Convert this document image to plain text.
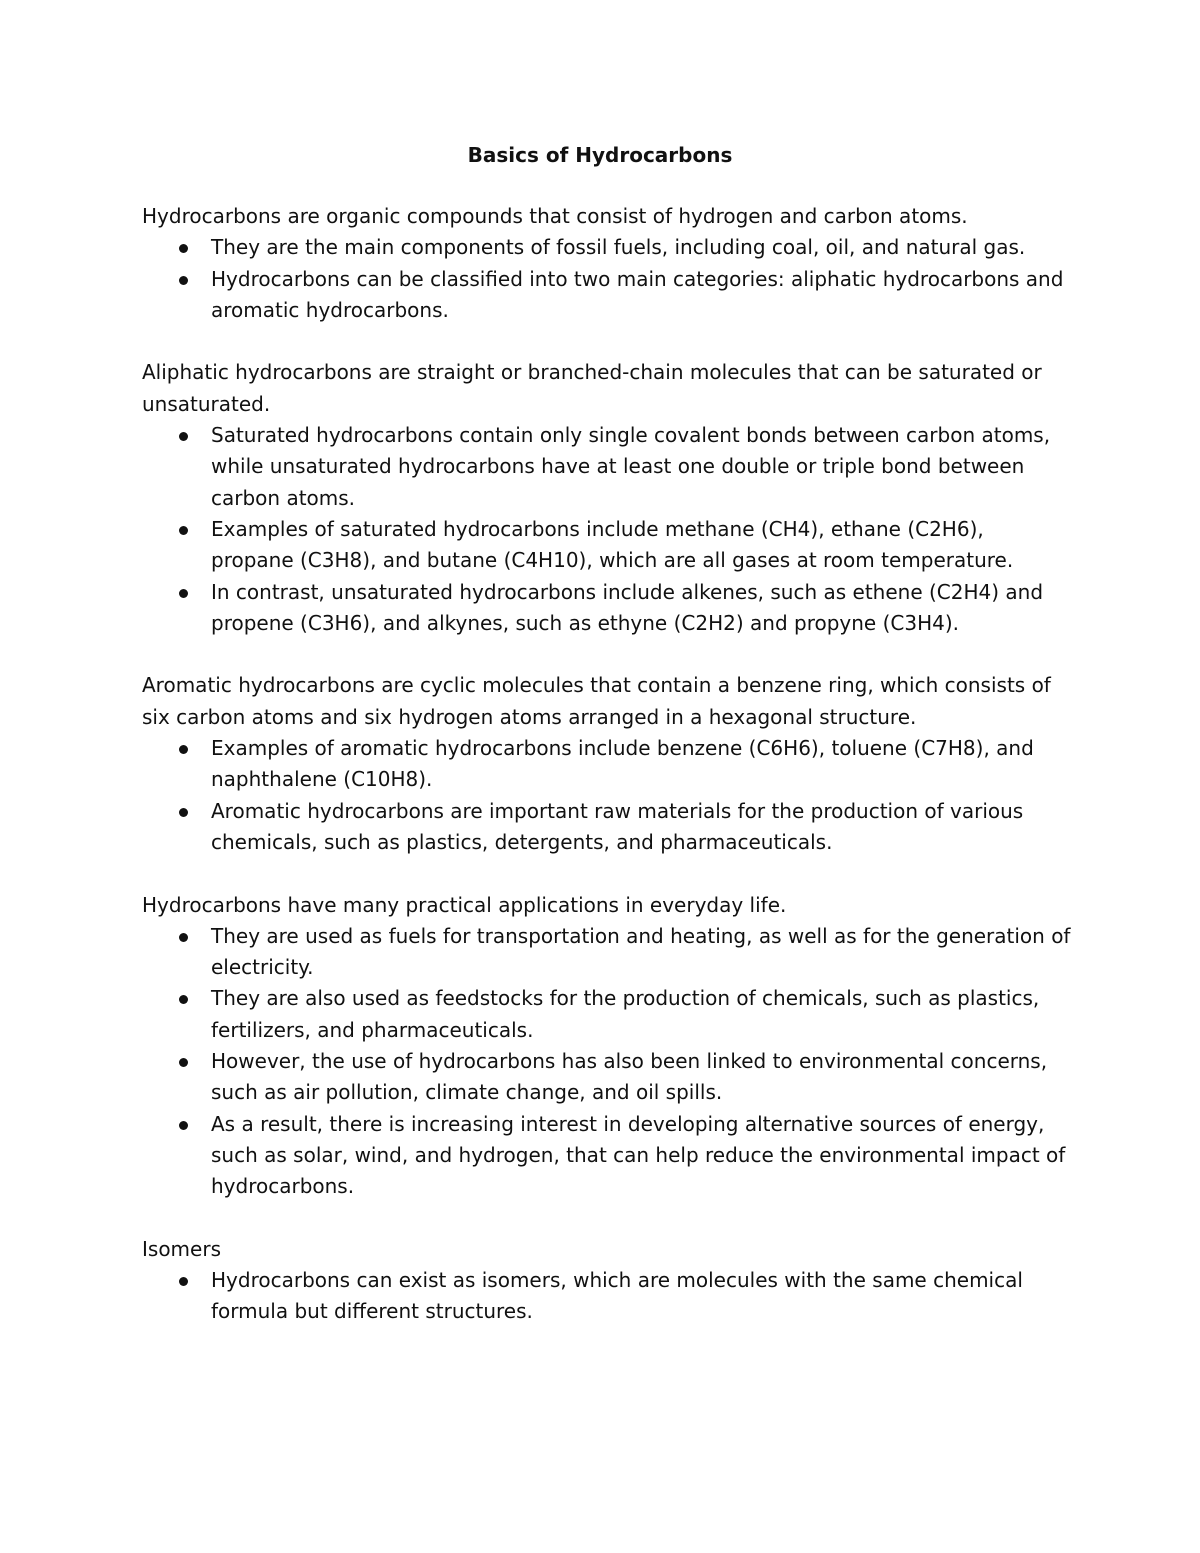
Basics of Hydrocarbons

Hydrocarbons are organic compounds that consist of hydrogen and carbon atoms.

They are the main components of fossil fuels, including coal, oil, and natural gas.
Hydrocarbons can be classified into two main categories: aliphatic hydrocarbons and aromatic hydrocarbons.

Aliphatic hydrocarbons are straight or branched-chain molecules that can be saturated or unsaturated.

Saturated hydrocarbons contain only single covalent bonds between carbon atoms, while unsaturated hydrocarbons have at least one double or triple bond between carbon atoms.
Examples of saturated hydrocarbons include methane (CH4), ethane (C2H6), propane (C3H8), and butane (C4H10), which are all gases at room temperature.
In contrast, unsaturated hydrocarbons include alkenes, such as ethene (C2H4) and propene (C3H6), and alkynes, such as ethyne (C2H2) and propyne (C3H4).

Aromatic hydrocarbons are cyclic molecules that contain a benzene ring, which consists of six carbon atoms and six hydrogen atoms arranged in a hexagonal structure.

Examples of aromatic hydrocarbons include benzene (C6H6), toluene (C7H8), and naphthalene (C10H8).
Aromatic hydrocarbons are important raw materials for the production of various chemicals, such as plastics, detergents, and pharmaceuticals.

Hydrocarbons have many practical applications in everyday life.

They are used as fuels for transportation and heating, as well as for the generation of electricity.
They are also used as feedstocks for the production of chemicals, such as plastics, fertilizers, and pharmaceuticals.
However, the use of hydrocarbons has also been linked to environmental concerns, such as air pollution, climate change, and oil spills.
As a result, there is increasing interest in developing alternative sources of energy, such as solar, wind, and hydrogen, that can help reduce the environmental impact of hydrocarbons.

Isomers

Hydrocarbons can exist as isomers, which are molecules with the same chemical formula but different structures.
